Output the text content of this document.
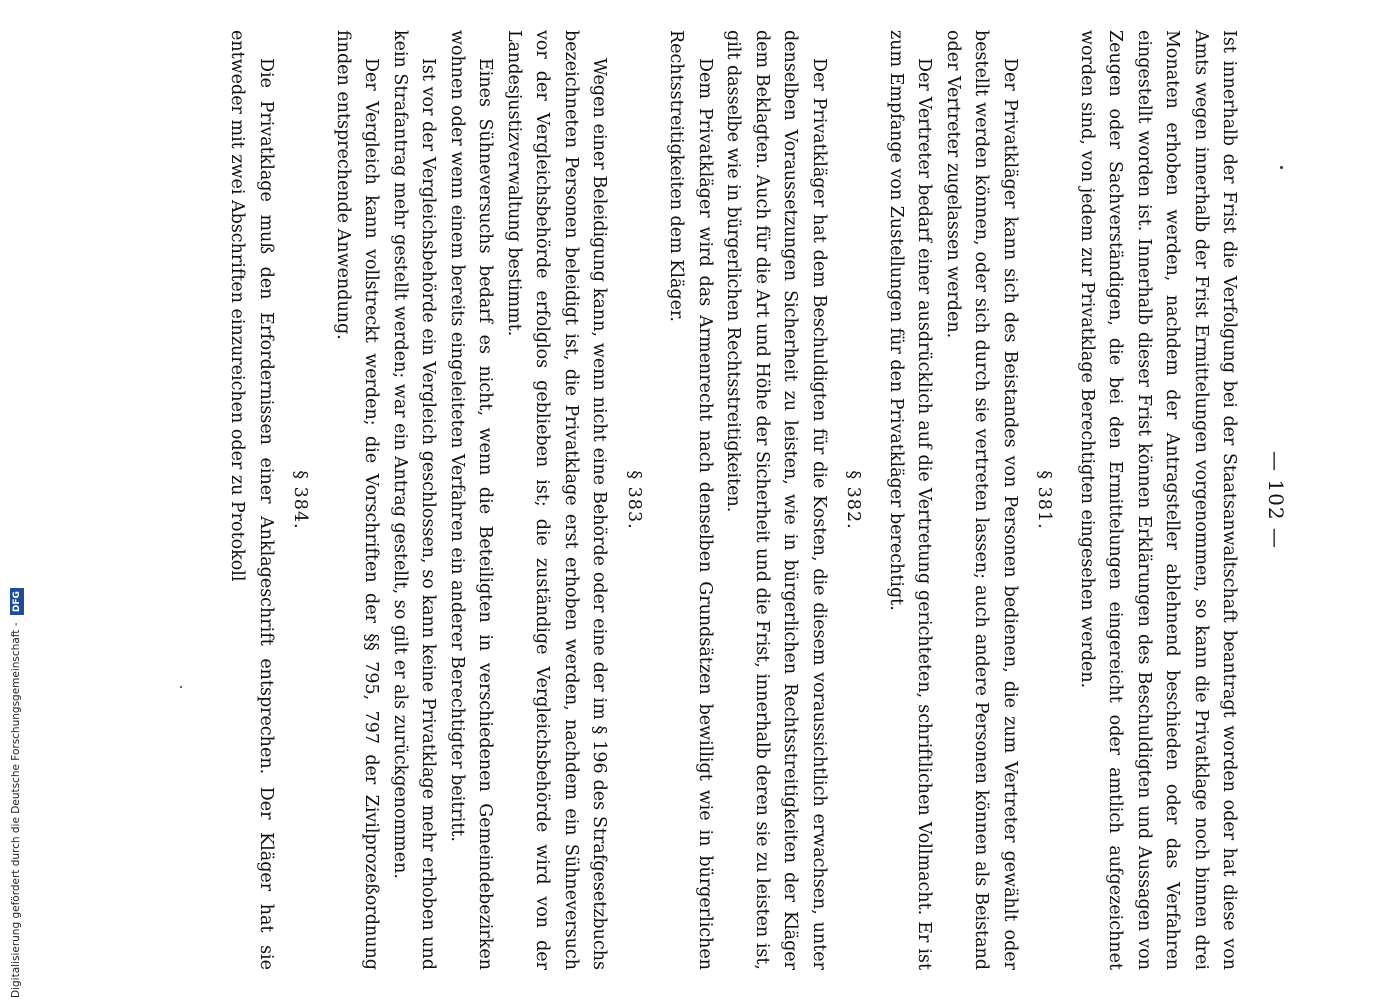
Digitalisierung gefördert durch die Deutsche Forschungsgemeinschaft - DFG
— 102 —

Ist innerhalb der Frist die Verfolgung bei der Staatsanwaltschaft beantragt worden oder hat diese von Amts wegen innerhalb der Frist Ermittelungen vorgenommen, so kann die Privatklage noch binnen drei Monaten erhoben werden, nachdem der Antragsteller ablehnend beschieden oder das Verfahren eingestellt worden ist. Innerhalb dieser Frist können Erklärungen des Beschuldigten und Aussagen von Zeugen oder Sachverständigen, die bei den Ermittelungen eingereicht oder amtlich aufgezeichnet worden sind, von jedem zur Privatklage Berechtigten eingesehen werden.

§ 381.

Der Privatkläger kann sich des Beistandes von Personen bedienen, die zum Vertreter gewählt oder bestellt werden können, oder sich durch sie vertreten lassen; auch andere Personen können als Beistand oder Vertreter zugelassen werden.

Der Vertreter bedarf einer ausdrücklich auf die Vertretung gerichteten, schriftlichen Vollmacht. Er ist zum Empfange von Zustellungen für den Privatkläger berechtigt.

§ 382.

Der Privatkläger hat dem Beschuldigten für die Kosten, die diesem voraussichtlich erwachsen, unter denselben Voraussetzungen Sicherheit zu leisten, wie in bürgerlichen Rechtsstreitigkeiten der Kläger dem Beklagten. Auch für die Art und Höhe der Sicherheit und die Frist, innerhalb deren sie zu leisten ist, gilt dasselbe wie in bürgerlichen Rechtsstreitigkeiten.

Dem Privatkläger wird das Armenrecht nach denselben Grundsätzen bewilligt wie in bürgerlichen Rechtsstreitigkeiten dem Kläger.

§ 383.

Wegen einer Beleidigung kann, wenn nicht eine Behörde oder eine der im § 196 des Strafgesetzbuchs bezeichneten Personen beleidigt ist, die Privatklage erst erhoben werden, nachdem ein Sühneversuch vor der Vergleichsbehörde erfolglos geblieben ist; die zuständige Vergleichsbehörde wird von der Landesjustizverwaltung bestimmt.

Eines Sühneversuchs bedarf es nicht, wenn die Beteiligten in verschiedenen Gemeindebezirken wohnen oder wenn einem bereits eingeleiteten Verfahren ein anderer Berechtigter beitritt.

Ist vor der Vergleichsbehörde ein Vergleich geschlossen, so kann keine Privatklage mehr erhoben und kein Strafantrag mehr gestellt werden; war ein Antrag gestellt, so gilt er als zurückgenommen.

Der Vergleich kann vollstreckt werden; die Vorschriften der §§ 795, 797 der Zivilprozeßordnung finden entsprechende Anwendung.

§ 384.

Die Privatklage muß den Erfordernissen einer Anklageschrift entsprechen. Der Kläger hat sie entweder mit zwei Abschriften einzureichen oder zu Protokoll
